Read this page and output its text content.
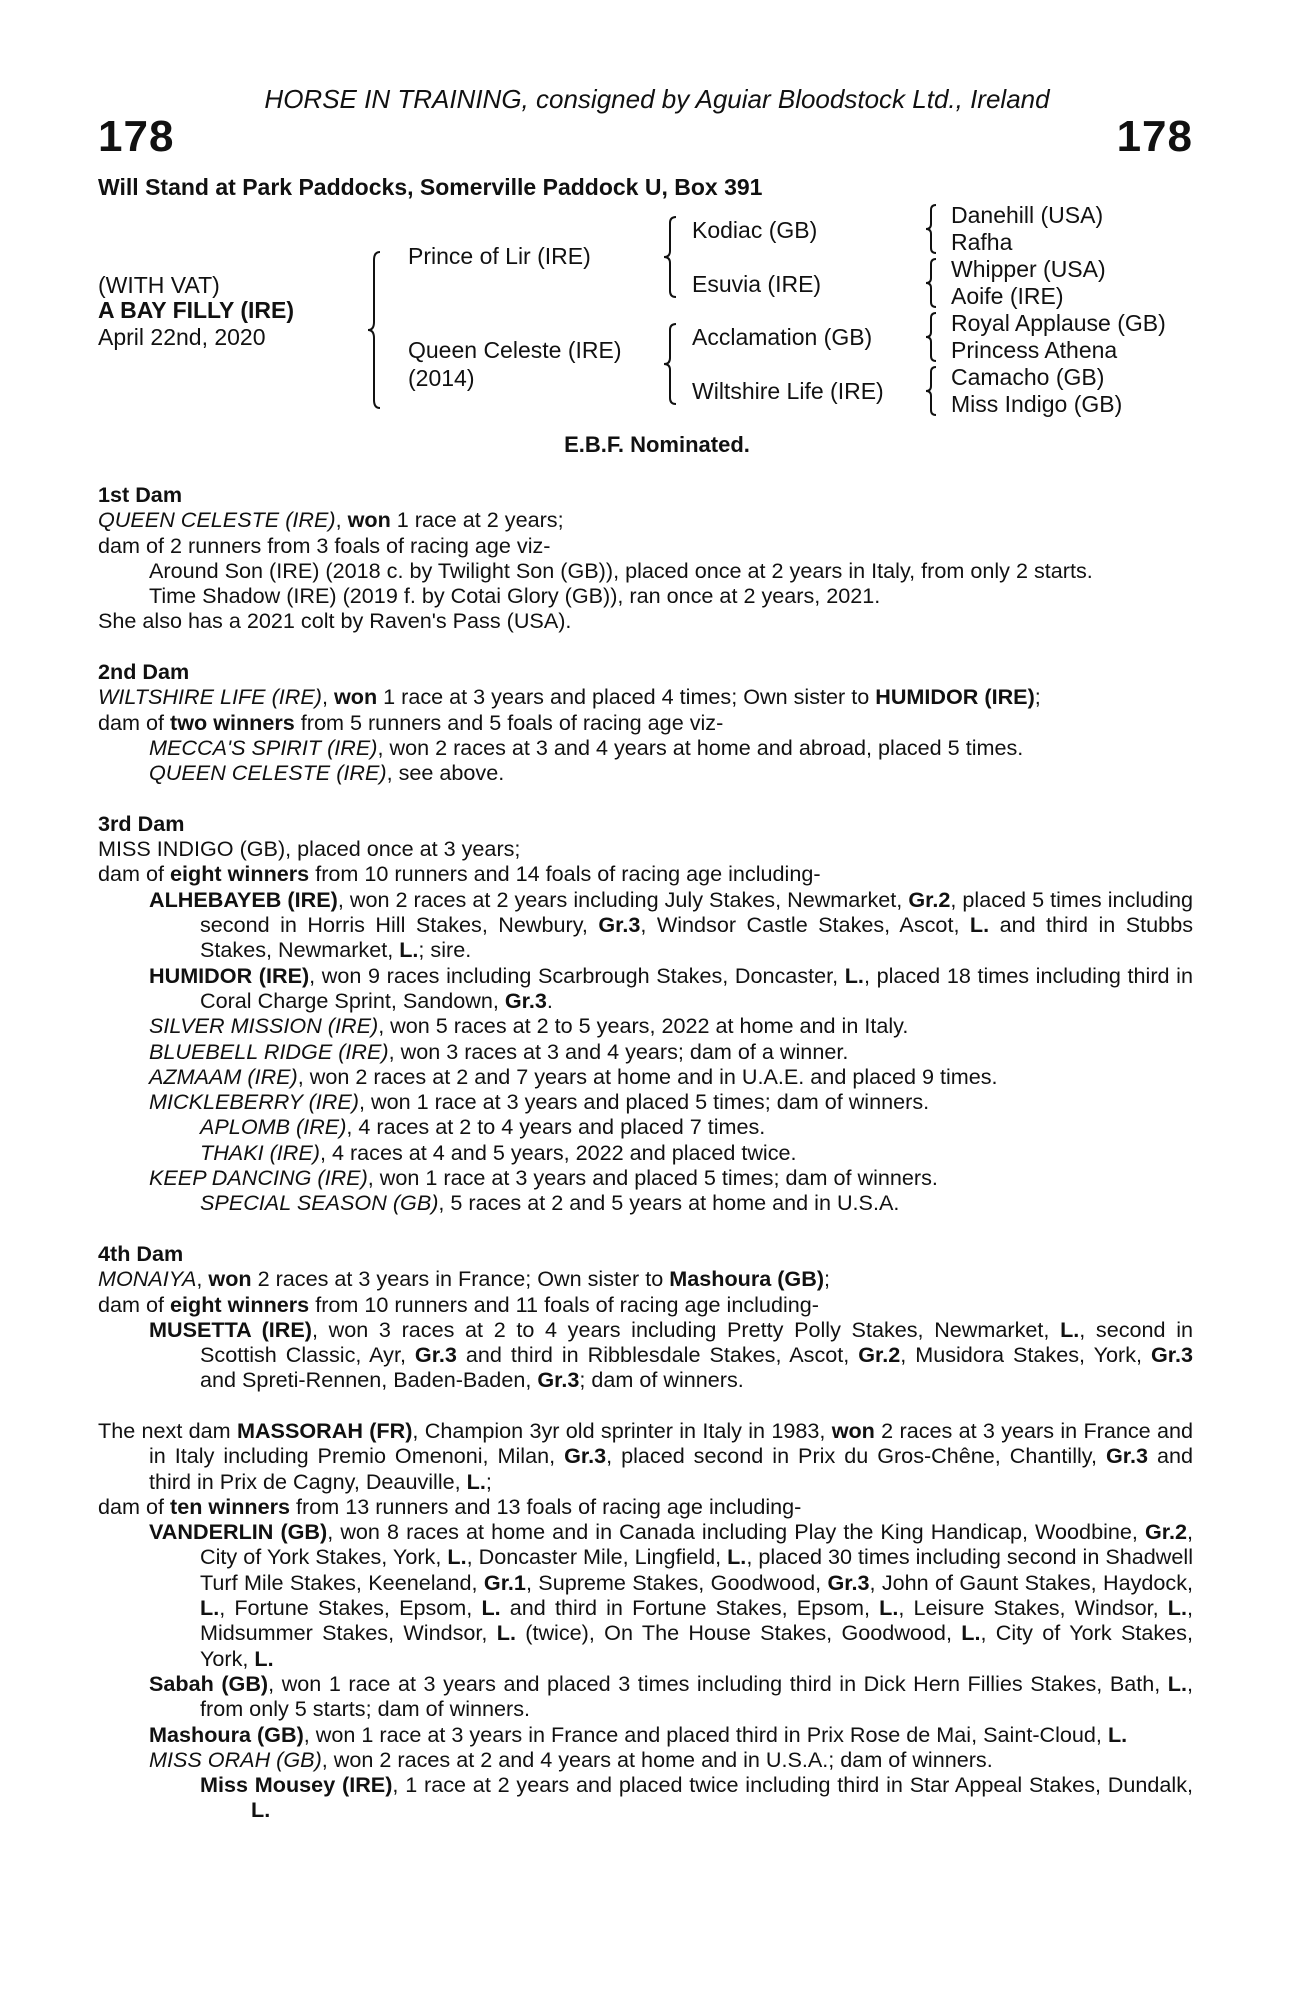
HORSE IN TRAINING, consigned by Aguiar Bloodstock Ltd., Ireland
178	178
Will Stand at Park Paddocks, Somerville Paddock U, Box 391
(WITH VAT)
A BAY FILLY (IRE)
April 22nd, 2020
Prince of Lir (IRE)
Queen Celeste (IRE)
(2014)
Kodiac (GB)
Esuvia (IRE)
Acclamation (GB)
Wiltshire Life (IRE)
Danehill (USA)
Rafha
Whipper (USA)
Aoife (IRE)
Royal Applause (GB)
Princess Athena
Camacho (GB)
Miss Indigo (GB)
E.B.F. Nominated.
1st Dam
QUEEN CELESTE (IRE), won 1 race at 2 years;
dam of 2 runners from 3 foals of racing age viz-
Around Son (IRE) (2018 c. by Twilight Son (GB)), placed once at 2 years in Italy, from only 2 starts.
Time Shadow (IRE) (2019 f. by Cotai Glory (GB)), ran once at 2 years, 2021.
She also has a 2021 colt by Raven's Pass (USA).
2nd Dam
WILTSHIRE LIFE (IRE), won 1 race at 3 years and placed 4 times; Own sister to HUMIDOR (IRE);
dam of two winners from 5 runners and 5 foals of racing age viz-
MECCA'S SPIRIT (IRE), won 2 races at 3 and 4 years at home and abroad, placed 5 times.
QUEEN CELESTE (IRE), see above.
3rd Dam
MISS INDIGO (GB), placed once at 3 years;
dam of eight winners from 10 runners and 14 foals of racing age including-
ALHEBAYEB (IRE), won 2 races at 2 years including July Stakes, Newmarket, Gr.2, placed 5 times including second in Horris Hill Stakes, Newbury, Gr.3, Windsor Castle Stakes, Ascot, L. and third in Stubbs Stakes, Newmarket, L.; sire.
HUMIDOR (IRE), won 9 races including Scarbrough Stakes, Doncaster, L., placed 18 times including third in Coral Charge Sprint, Sandown, Gr.3.
SILVER MISSION (IRE), won 5 races at 2 to 5 years, 2022 at home and in Italy.
BLUEBELL RIDGE (IRE), won 3 races at 3 and 4 years; dam of a winner.
AZMAAM (IRE), won 2 races at 2 and 7 years at home and in U.A.E. and placed 9 times.
MICKLEBERRY (IRE), won 1 race at 3 years and placed 5 times; dam of winners.
APLOMB (IRE), 4 races at 2 to 4 years and placed 7 times.
THAKI (IRE), 4 races at 4 and 5 years, 2022 and placed twice.
KEEP DANCING (IRE), won 1 race at 3 years and placed 5 times; dam of winners.
SPECIAL SEASON (GB), 5 races at 2 and 5 years at home and in U.S.A.
4th Dam
MONAIYA, won 2 races at 3 years in France; Own sister to Mashoura (GB);
dam of eight winners from 10 runners and 11 foals of racing age including-
MUSETTA (IRE), won 3 races at 2 to 4 years including Pretty Polly Stakes, Newmarket, L., second in Scottish Classic, Ayr, Gr.3 and third in Ribblesdale Stakes, Ascot, Gr.2, Musidora Stakes, York, Gr.3 and Spreti-Rennen, Baden-Baden, Gr.3; dam of winners.
The next dam MASSORAH (FR), Champion 3yr old sprinter in Italy in 1983, won 2 races at 3 years in France and in Italy including Premio Omenoni, Milan, Gr.3, placed second in Prix du Gros-Chêne, Chantilly, Gr.3 and third in Prix de Cagny, Deauville, L.;
dam of ten winners from 13 runners and 13 foals of racing age including-
VANDERLIN (GB), won 8 races at home and in Canada including Play the King Handicap, Woodbine, Gr.2, City of York Stakes, York, L., Doncaster Mile, Lingfield, L., placed 30 times including second in Shadwell Turf Mile Stakes, Keeneland, Gr.1, Supreme Stakes, Goodwood, Gr.3, John of Gaunt Stakes, Haydock, L., Fortune Stakes, Epsom, L. and third in Fortune Stakes, Epsom, L., Leisure Stakes, Windsor, L., Midsummer Stakes, Windsor, L. (twice), On The House Stakes, Goodwood, L., City of York Stakes, York, L.
Sabah (GB), won 1 race at 3 years and placed 3 times including third in Dick Hern Fillies Stakes, Bath, L., from only 5 starts; dam of winners.
Mashoura (GB), won 1 race at 3 years in France and placed third in Prix Rose de Mai, Saint-Cloud, L.
MISS ORAH (GB), won 2 races at 2 and 4 years at home and in U.S.A.; dam of winners.
Miss Mousey (IRE), 1 race at 2 years and placed twice including third in Star Appeal Stakes, Dundalk, L.
